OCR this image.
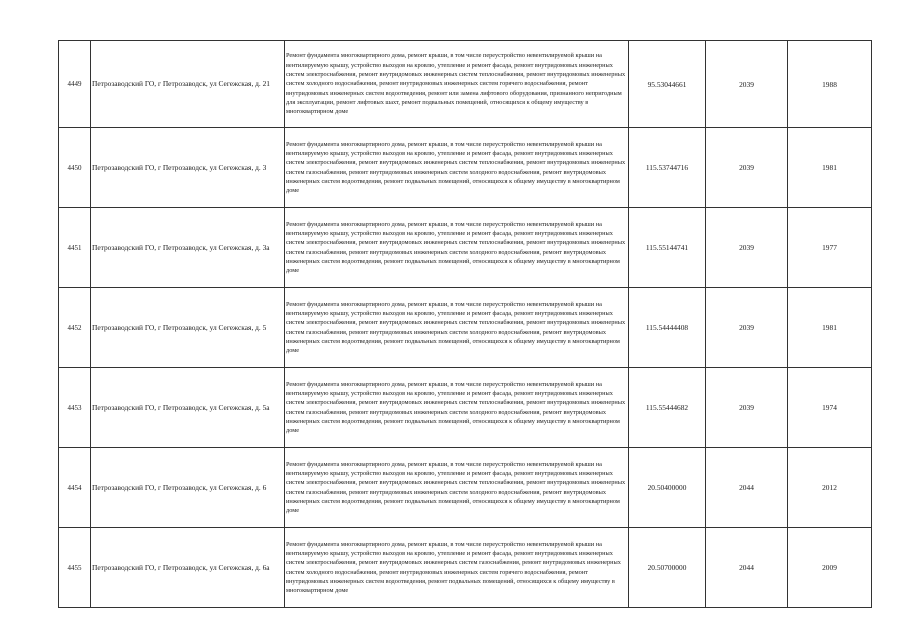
4449	Петрозаводский ГО, г Петрозаводск, ул Сегежская, д. 21	Ремонт фундамента многоквартирного дома, ремонт крыши, в том числе переустройство невентилируемой крыши на вентилируемую крышу, устройство выходов на кровлю, утепление и ремонт фасада, ремонт внутридомовых инженерных систем электроснабжения, ремонт внутридомовых инженерных систем теплоснабжения, ремонт внутридомовых инженерных систем холодного водоснабжения, ремонт внутридомовых инженерных систем горячего водоснабжения, ремонт внутридомовых инженерных систем водоотведения, ремонт или замена лифтового оборудования, признанного непригодным для эксплуатации, ремонт лифтовых шахт, ремонт подвальных помещений, относящихся к общему имуществу в многоквартирном доме	95.53044661	2039	1988
4450	Петрозаводский ГО, г Петрозаводск, ул Сегежская, д. 3	Ремонт фундамента многоквартирного дома, ремонт крыши, в том числе переустройство невентилируемой крыши на вентилируемую крышу, устройство выходов на кровлю, утепление и ремонт фасада, ремонт внутридомовых инженерных систем электроснабжения, ремонт внутридомовых инженерных систем теплоснабжения, ремонт внутридомовых инженерных систем газоснабжения, ремонт внутридомовых инженерных систем холодного водоснабжения, ремонт внутридомовых инженерных систем водоотведения, ремонт подвальных помещений, относящихся к общему имуществу в многоквартирном доме	115.53744716	2039	1981
4451	Петрозаводский ГО, г Петрозаводск, ул Сегежская, д. 3а	Ремонт фундамента многоквартирного дома, ремонт крыши, в том числе переустройство невентилируемой крыши на вентилируемую крышу, устройство выходов на кровлю, утепление и ремонт фасада, ремонт внутридомовых инженерных систем электроснабжения, ремонт внутридомовых инженерных систем теплоснабжения, ремонт внутридомовых инженерных систем газоснабжения, ремонт внутридомовых инженерных систем холодного водоснабжения, ремонт внутридомовых инженерных систем водоотведения, ремонт подвальных помещений, относящихся к общему имуществу в многоквартирном доме	115.55144741	2039	1977
4452	Петрозаводский ГО, г Петрозаводск, ул Сегежская, д. 5	Ремонт фундамента многоквартирного дома, ремонт крыши, в том числе переустройство невентилируемой крыши на вентилируемую крышу, устройство выходов на кровлю, утепление и ремонт фасада, ремонт внутридомовых инженерных систем электроснабжения, ремонт внутридомовых инженерных систем теплоснабжения, ремонт внутридомовых инженерных систем газоснабжения, ремонт внутридомовых инженерных систем холодного водоснабжения, ремонт внутридомовых инженерных систем водоотведения, ремонт подвальных помещений, относящихся к общему имуществу в многоквартирном доме	115.54444408	2039	1981
4453	Петрозаводский ГО, г Петрозаводск, ул Сегежская, д. 5а	Ремонт фундамента многоквартирного дома, ремонт крыши, в том числе переустройство невентилируемой крыши на вентилируемую крышу, устройство выходов на кровлю, утепление и ремонт фасада, ремонт внутридомовых инженерных систем электроснабжения, ремонт внутридомовых инженерных систем теплоснабжения, ремонт внутридомовых инженерных систем газоснабжения, ремонт внутридомовых инженерных систем холодного водоснабжения, ремонт внутридомовых инженерных систем водоотведения, ремонт подвальных помещений, относящихся к общему имуществу в многоквартирном доме	115.55444682	2039	1974
4454	Петрозаводский ГО, г Петрозаводск, ул Сегежская, д. 6	Ремонт фундамента многоквартирного дома, ремонт крыши, в том числе переустройство невентилируемой крыши на вентилируемую крышу, устройство выходов на кровлю, утепление и ремонт фасада, ремонт внутридомовых инженерных систем электроснабжения, ремонт внутридомовых инженерных систем теплоснабжения, ремонт внутридомовых инженерных систем газоснабжения, ремонт внутридомовых инженерных систем холодного водоснабжения, ремонт внутридомовых инженерных систем водоотведения, ремонт подвальных помещений, относящихся к общему имуществу в многоквартирном доме	20.50400000	2044	2012
4455	Петрозаводский ГО, г Петрозаводск, ул Сегежская, д. 6а	Ремонт фундамента многоквартирного дома, ремонт крыши, в том числе переустройство невентилируемой крыши на вентилируемую крышу, устройство выходов на кровлю, утепление и ремонт фасада, ремонт внутридомовых инженерных систем электроснабжения, ремонт внутридомовых инженерных систем газоснабжения, ремонт внутридомовых инженерных систем холодного водоснабжения, ремонт внутридомовых инженерных систем горячего водоснабжения, ремонт внутридомовых инженерных систем водоотведения, ремонт подвальных помещений, относящихся к общему имуществу в многоквартирном доме	20.50700000	2044	2009
